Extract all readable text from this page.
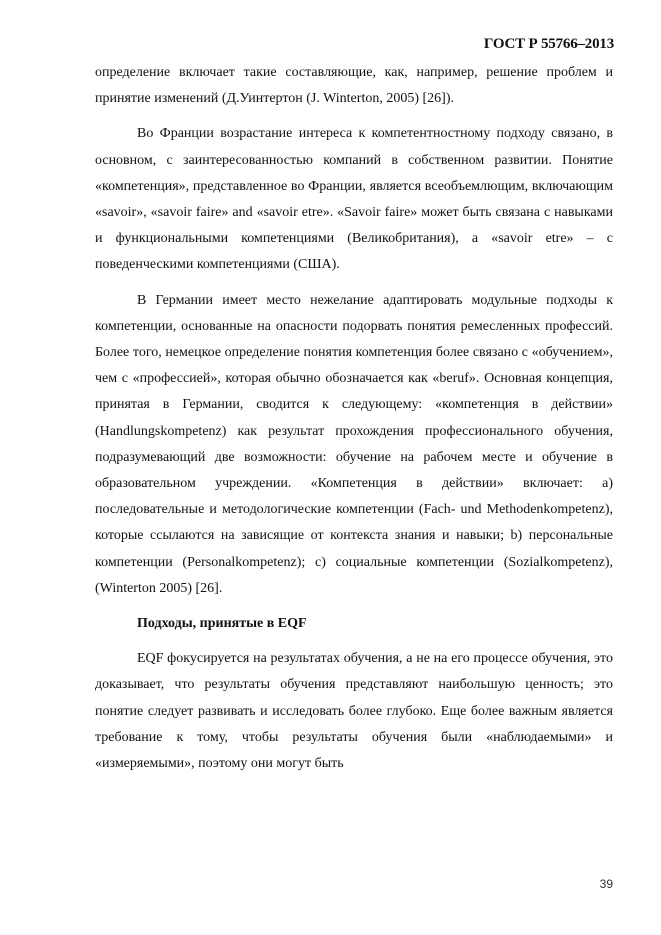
ГОСТ Р 55766–2013

определение включает такие составляющие, как, например, решение проблем и принятие изменений (Д.Уинтертон (J. Winterton, 2005) [26]).

Во Франции возрастание интереса к компетентностному подходу связано, в основном, с заинтересованностью компаний в собственном развитии. Понятие «компетенция», представленное во Франции, является всеобъемлющим, включающим «savoir», «savoir faire» and «savoir etre». «Savoir faire» может быть связана с навыками и функциональными компетенциями (Великобритания), а «savoir etre» – с поведенческими компетенциями (США).

В Германии имеет место нежелание адаптировать модульные подходы к компетенции, основанные на опасности подорвать понятия ремесленных профессий. Более того, немецкое определение понятия компетенция более связано с «обучением», чем с «профессией», которая обычно обозначается как «beruf». Основная концепция, принятая в Германии, сводится к следующему: «компетенция в действии» (Handlungskompetenz) как результат прохождения профессионального обучения, подразумевающий две возможности: обучение на рабочем месте и обучение в образовательном учреждении. «Компетенция в действии» включает: a) последовательные и методологические компетенции (Fach- und Methodenkompetenz), которые ссылаются на зависящие от контекста знания и навыки; b) персональные компетенции (Personalkompetenz); c) социальные компетенции (Sozialkompetenz), (Winterton 2005) [26].

Подходы, принятые в EQF

EQF фокусируется на результатах обучения, а не на его процессе обучения, это доказывает, что результаты обучения представляют наибольшую ценность; это понятие следует развивать и исследовать более глубоко. Еще более важным является требование к тому, чтобы результаты обучения были «наблюдаемыми» и «измеряемыми», поэтому они могут быть

39
